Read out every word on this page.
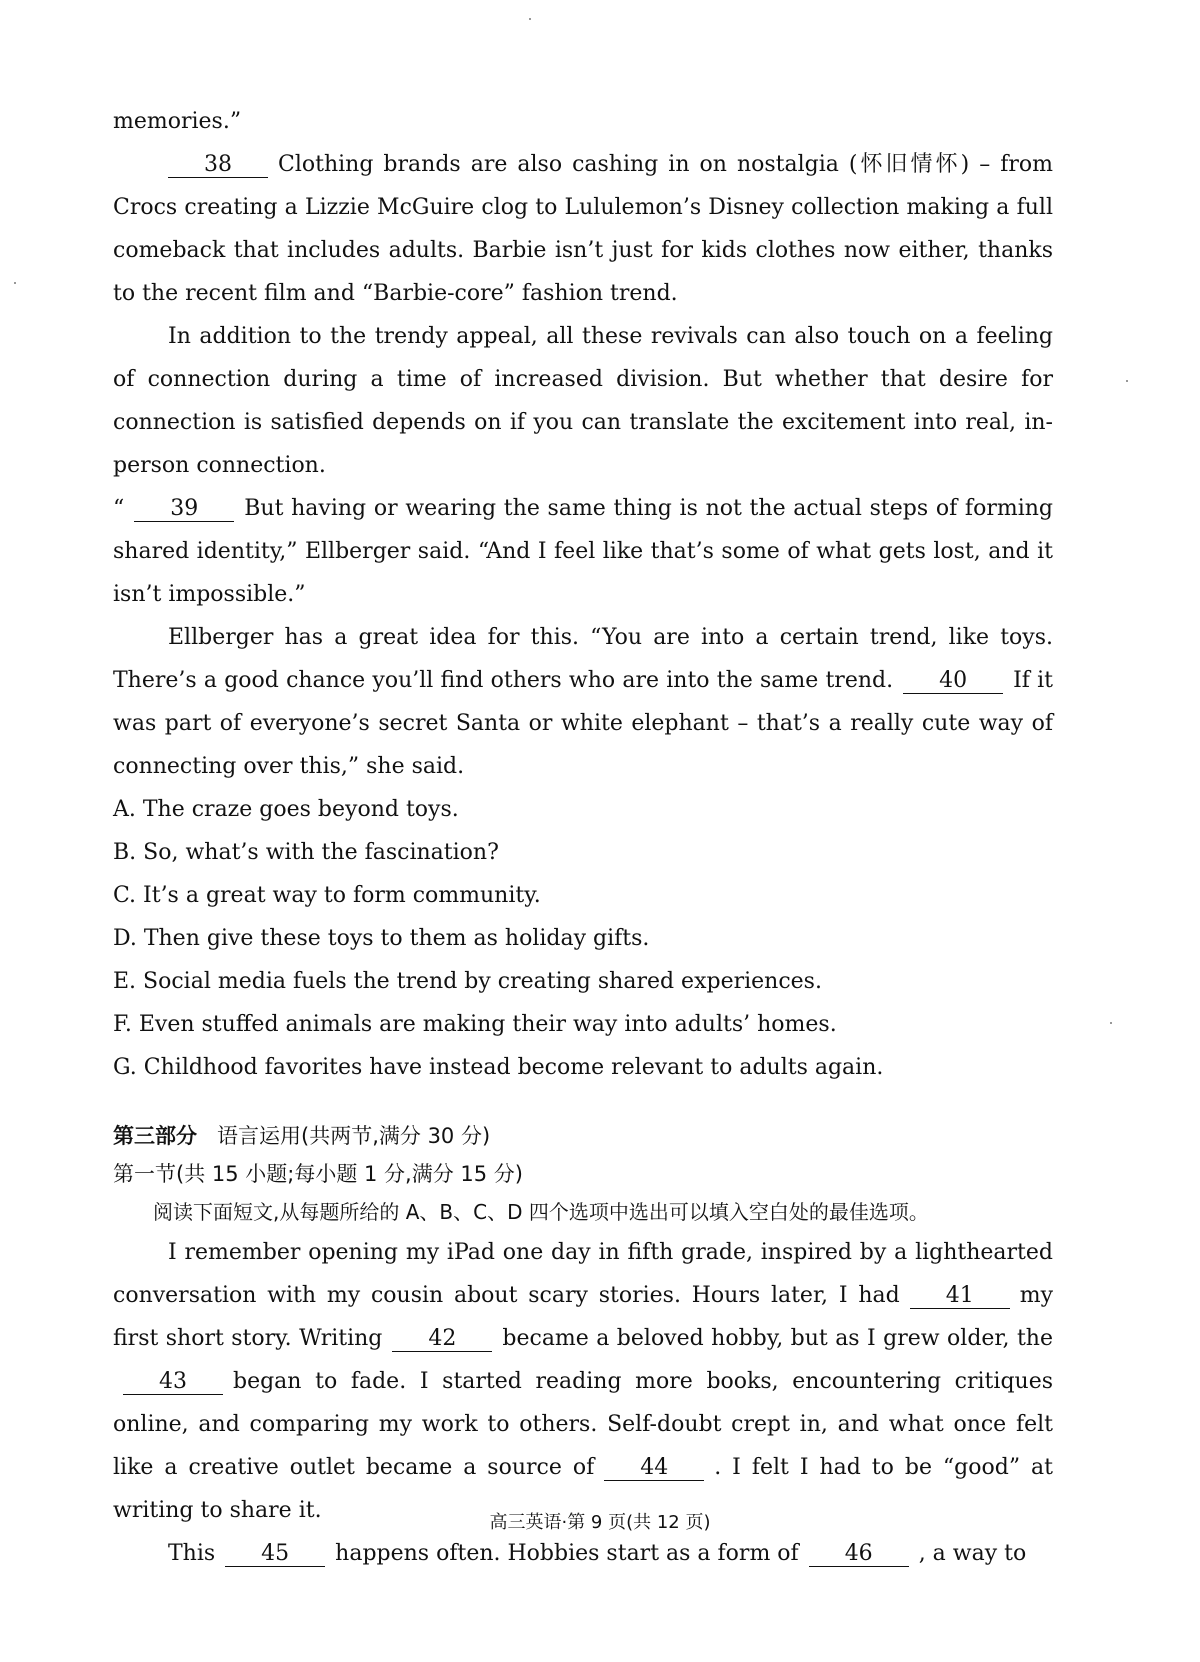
memories.”

38 Clothing brands are also cashing in on nostalgia (怀旧情怀) – from Crocs creating a Lizzie McGuire clog to Lululemon’s Disney collection making a full comeback that includes adults. Barbie isn’t just for kids clothes now either, thanks to the recent film and “Barbie-core” fashion trend.

In addition to the trendy appeal, all these revivals can also touch on a feeling of connection during a time of increased division. But whether that desire for connection is satisfied depends on if you can translate the excitement into real, in-person connection.

“ 39 But having or wearing the same thing is not the actual steps of forming shared identity,” Ellberger said. “And I feel like that’s some of what gets lost, and it isn’t impossible.”

Ellberger has a great idea for this. “You are into a certain trend, like toys. There’s a good chance you’ll find others who are into the same trend. 40 If it was part of everyone’s secret Santa or white elephant – that’s a really cute way of connecting over this,” she said.

A. The craze goes beyond toys.

B. So, what’s with the fascination?

C. It’s a great way to form community.

D. Then give these toys to them as holiday gifts.

E. Social media fuels the trend by creating shared experiences.

F. Even stuffed animals are making their way into adults’ homes.

G. Childhood favorites have instead become relevant to adults again.

第三部分 语言运用(共两节,满分 30 分)

第一节(共 15 小题;每小题 1 分,满分 15 分)

阅读下面短文,从每题所给的 A、B、C、D 四个选项中选出可以填入空白处的最佳选项。

I remember opening my iPad one day in fifth grade, inspired by a lighthearted conversation with my cousin about scary stories. Hours later, I had 41 my first short story. Writing 42 became a beloved hobby, but as I grew older, the43 began to fade. I started reading more books, encountering critiques online, and comparing my work to others. Self-doubt crept in, and what once felt like a creative outlet became a source of 44 . I felt I had to be “good” at writing to share it.

This 45 happens often. Hobbies start as a form of 46 , a way to

高三英语·第 9 页(共 12 页)
